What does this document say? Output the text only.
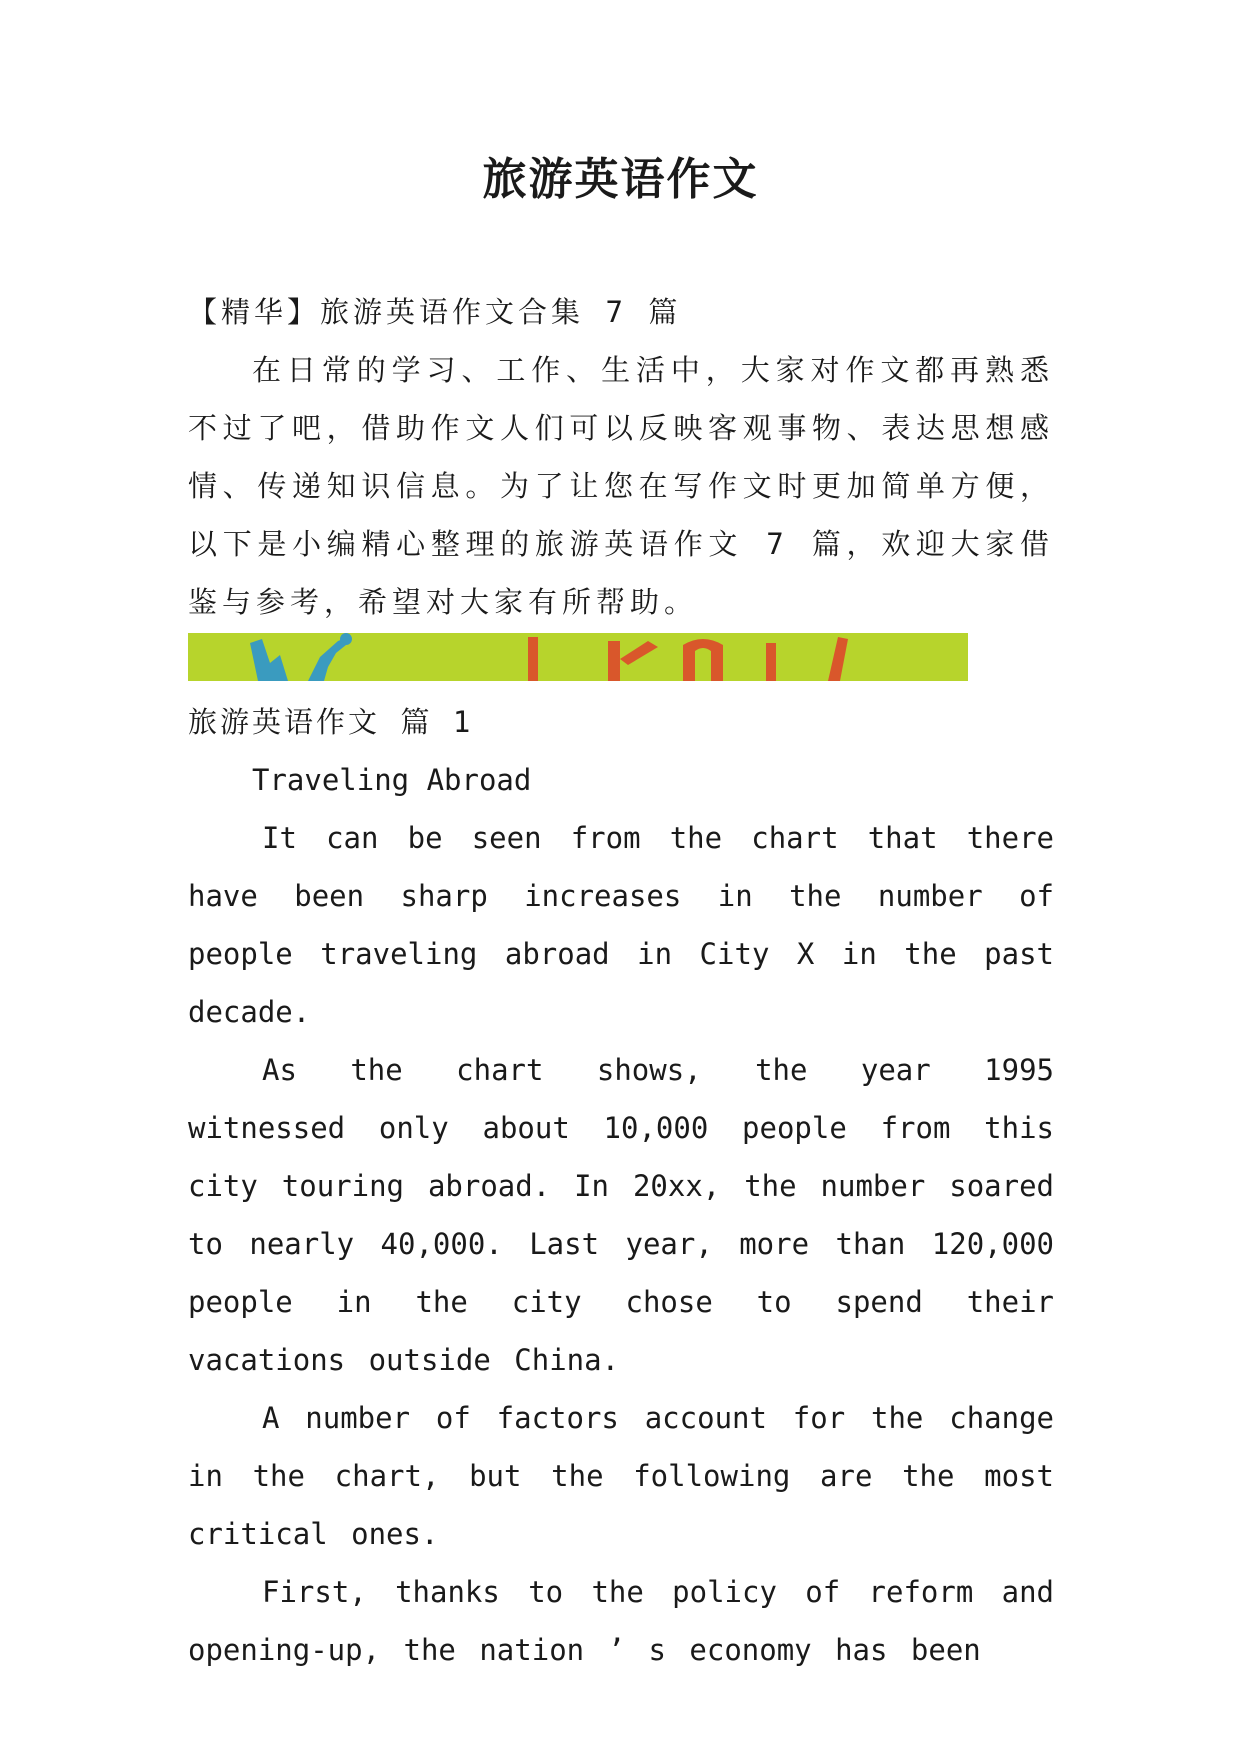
旅游英语作文

【精华】旅游英语作文合集 7 篇

在日常的学习、工作、生活中，大家对作文都再熟悉不过了吧，借助作文人们可以反映客观事物、表达思想感情、传递知识信息。为了让您在写作文时更加简单方便，以下是小编精心整理的旅游英语作文 7 篇，欢迎大家借鉴与参考，希望对大家有所帮助。

旅游英语作文 篇 1

Traveling Abroad

It can be seen from the chart that there have been sharp increases in the number of people traveling abroad in City X in the past decade.

As the chart shows, the year 1995 witnessed only about 10,000 people from this city touring abroad. In 20xx, the number soared to nearly 40,000. Last year, more than 120,000 people in the city chose to spend their vacations outside China.

A number of factors account for the change in the chart, but the following are the most critical ones.

First, thanks to the policy of reform and opening-up, the nation ’ s economy has been
